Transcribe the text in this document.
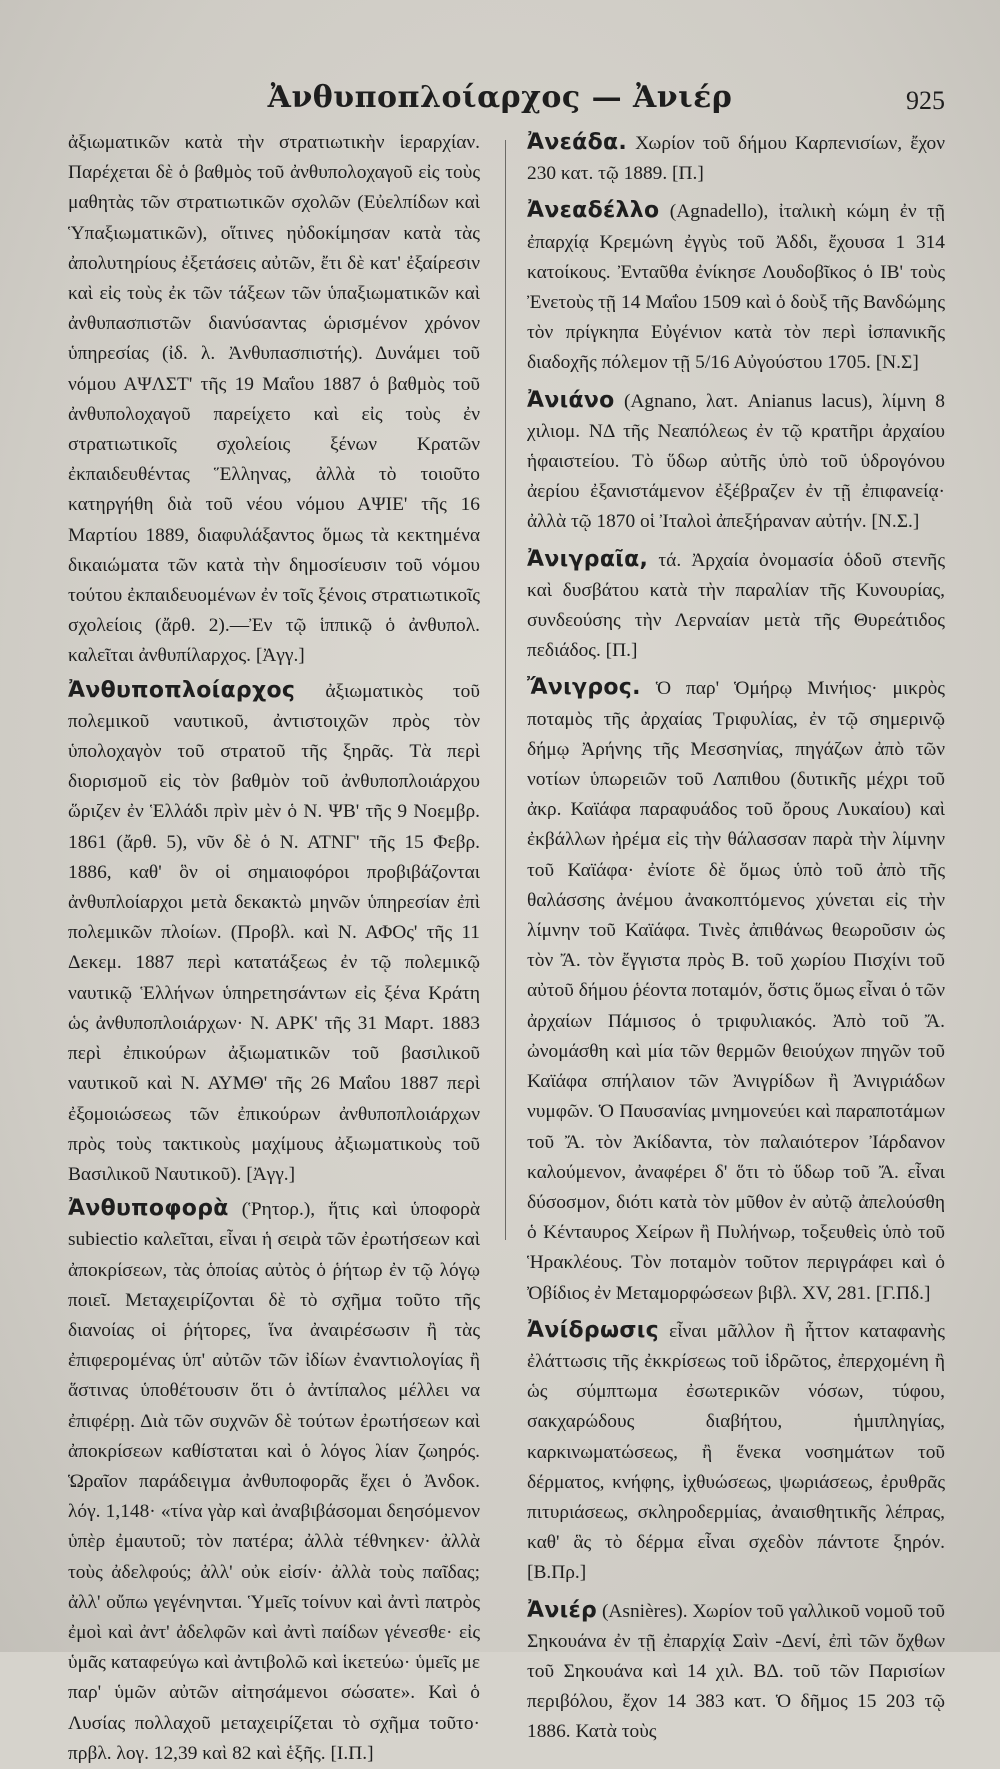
Ἀνθυποπλοίαρχος — Ἀνιέρ	925

ἀξιωματικῶν κατὰ τὴν στρατιωτικὴν ἱεραρχίαν. Παρέχεται δὲ ὁ βαθμὸς τοῦ ἀνθυπολοχαγοῦ εἰς τοὺς μαθητὰς τῶν στρατιωτικῶν σχολῶν (Εὐελπίδων καὶ Ὑπαξιωματικῶν), οἵτινες ηὐδοκίμησαν κατὰ τὰς ἀπολυτηρίους ἐξετάσεις αὐτῶν, ἔτι δὲ κατ' ἐξαίρεσιν καὶ εἰς τοὺς ἐκ τῶν τάξεων τῶν ὑπαξιωματικῶν καὶ ἀνθυπασπιστῶν διανύσαντας ὡρισμένον χρόνον ὑπηρεσίας (ἰδ. λ. Ἀνθυπασπιστής). Δυνάμει τοῦ νόμου ΑΨΛΣΤ' τῆς 19 Μαΐου 1887 ὁ βαθμὸς τοῦ ἀνθυπολοχαγοῦ παρείχετο καὶ εἰς τοὺς ἐν στρατιωτικοῖς σχολείοις ξένων Κρατῶν ἐκπαιδευθέντας Ἕλληνας, ἀλλὰ τὸ τοιοῦτο κατηργήθη διὰ τοῦ νέου νόμου ΑΨΙΕ' τῆς 16 Μαρτίου 1889, διαφυλάξαντος ὅμως τὰ κεκτημένα δικαιώματα τῶν κατὰ τὴν δημοσίευσιν τοῦ νόμου τούτου ἐκπαιδευομένων ἐν τοῖς ξένοις στρατιωτικοῖς σχολείοις (ἄρθ. 2).—Ἐν τῷ ἱππικῷ ὁ ἀνθυπολ. καλεῖται ἀνθυπίλαρχος. [Ἀγγ.]

Ἀνθυποπλοίαρχος ἀξιωματικὸς τοῦ πολεμικοῦ ναυτικοῦ, ἀντιστοιχῶν πρὸς τὸν ὑπολοχαγὸν τοῦ στρατοῦ τῆς ξηρᾶς. Τὰ περὶ διορισμοῦ εἰς τὸν βαθμὸν τοῦ ἀνθυποπλοιάρχου ὥριζεν ἐν Ἑλλάδι πρὶν μὲν ὁ Ν. ΨΒ' τῆς 9 Νοεμβρ. 1861 (ἄρθ. 5), νῦν δὲ ὁ Ν. ΑΤΝΓ' τῆς 15 Φεβρ. 1886, καθ' ὃν οἱ σημαιοφόροι προβιβάζονται ἀνθυπλοίαρχοι μετὰ δεκακτὼ μηνῶν ὑπηρεσίαν ἐπὶ πολεμικῶν πλοίων. (Προβλ. καὶ Ν. ΑΦΟς' τῆς 11 Δεκεμ. 1887 περὶ κατατάξεως ἐν τῷ πολεμικῷ ναυτικῷ Ἑλλήνων ὑπηρετησάντων εἰς ξένα Κράτη ὡς ἀνθυποπλοιάρχων· Ν. ΑΡΚ' τῆς 31 Μαρτ. 1883 περὶ ἐπικούρων ἀξιωματικῶν τοῦ βασιλικοῦ ναυτικοῦ καὶ Ν. ΑΥΜΘ' τῆς 26 Μαΐου 1887 περὶ ἐξομοιώσεως τῶν ἐπικούρων ἀνθυποπλοιάρχων πρὸς τοὺς τακτικοὺς μαχίμους ἀξιωματικοὺς τοῦ Βασιλικοῦ Ναυτικοῦ). [Ἀγγ.]

Ἀνθυποφορὰ (Ῥητορ.), ἥτις καὶ ὑποφορὰ subiectio καλεῖται, εἶναι ἡ σειρὰ τῶν ἐρωτήσεων καὶ ἀποκρίσεων, τὰς ὁποίας αὐτὸς ὁ ῥήτωρ ἐν τῷ λόγῳ ποιεῖ. Μεταχειρίζονται δὲ τὸ σχῆμα τοῦτο τῆς διανοίας οἱ ῥήτορες, ἵνα ἀναιρέσωσιν ἢ τὰς ἐπιφερομένας ὑπ' αὐτῶν τῶν ἰδίων ἐναντιολογίας ἢ ἅστινας ὑποθέτουσιν ὅτι ὁ ἀντίπαλος μέλλει να ἐπιφέρῃ. Διὰ τῶν συχνῶν δὲ τούτων ἐρωτήσεων καὶ ἀποκρίσεων καθίσταται καὶ ὁ λόγος λίαν ζωηρός. Ὡραῖον παράδειγμα ἀνθυποφορᾶς ἔχει ὁ Ἀνδοκ. λόγ. 1,148· «τίνα γὰρ καὶ ἀναβιβάσομαι δεησόμενον ὑπὲρ ἐμαυτοῦ; τὸν πατέρα; ἀλλὰ τέθνηκεν· ἀλλὰ τοὺς ἀδελφούς; ἀλλ' οὐκ εἰσίν· ἀλλὰ τοὺς παῖδας; ἀλλ' οὔπω γεγένηνται. Ὑμεῖς τοίνυν καὶ ἀντὶ πατρὸς ἐμοὶ καὶ ἀντ' ἀδελφῶν καὶ ἀντὶ παίδων γένεσθε· εἰς ὑμᾶς καταφεύγω καὶ ἀντιβολῶ καὶ ἱκετεύω· ὑμεῖς με παρ' ὑμῶν αὐτῶν αἰτησάμενοι σώσατε». Καὶ ὁ Λυσίας πολλαχοῦ μεταχειρίζεται τὸ σχῆμα τοῦτο· πρβλ. λογ. 12,39 καὶ 82 καὶ ἑξῆς. [Ι.Π.]

Ἀνεάδα. Χωρίον τοῦ δήμου Καρπενισίων, ἔχον 230 κατ. τῷ 1889. [Π.]

Ἀνεαδέλλο (Agnadello), ἰταλικὴ κώμη ἐν τῇ ἐπαρχίᾳ Κρεμώνη ἐγγὺς τοῦ Ἀδδι, ἔχουσα 1 314 κατοίκους. Ἐνταῦθα ἐνίκησε Λουδοβῖκος ὁ ΙΒ' τοὺς Ἐνετοὺς τῇ 14 Μαΐου 1509 καὶ ὁ δοὺξ τῆς Βανδώμης τὸν πρίγκηπα Εὐγένιον κατὰ τὸν περὶ ἰσπανικῆς διαδοχῆς πόλεμον τῇ 5/16 Αὐγούστου 1705. [Ν.Σ]

Ἀνιάνο (Agnano, λατ. Anianus lacus), λίμνη 8 χιλιομ. ΝΔ τῆς Νεαπόλεως ἐν τῷ κρατῆρι ἀρχαίου ἡφαιστείου. Τὸ ὕδωρ αὐτῆς ὑπὸ τοῦ ὑδρογόνου ἀερίου ἐξανιστάμενον ἐξέβραζεν ἐν τῇ ἐπιφανείᾳ· ἀλλὰ τῷ 1870 οἱ Ἰταλοὶ ἀπεξήραναν αὐτήν. [Ν.Σ.]

Ἀνιγραῖα, τά. Ἀρχαία ὀνομασία ὁδοῦ στενῆς καὶ δυσβάτου κατὰ τὴν παραλίαν τῆς Κυνουρίας, συνδεούσης τὴν Λερναίαν μετὰ τῆς Θυρεάτιδος πεδιάδος. [Π.]

Ἄνιγρος. Ὁ παρ' Ὁμήρῳ Μινήιος· μικρὸς ποταμὸς τῆς ἀρχαίας Τριφυλίας, ἐν τῷ σημερινῷ δήμῳ Ἀρήνης τῆς Μεσσηνίας, πηγάζων ἀπὸ τῶν νοτίων ὑπωρειῶν τοῦ Λαπιθου (δυτικῆς μέχρι τοῦ ἀκρ. Καϊάφα παραφυάδος τοῦ ὄρους Λυκαίου) καὶ ἐκβάλλων ἠρέμα εἰς τὴν θάλασσαν παρὰ τὴν λίμνην τοῦ Καϊάφα· ἐνίοτε δὲ ὅμως ὑπὸ τοῦ ἀπὸ τῆς θαλάσσης ἀνέμου ἀνακοπτόμενος χύνεται εἰς τὴν λίμνην τοῦ Καϊάφα. Τινὲς ἀπιθάνως θεωροῦσιν ὡς τὸν Ἄ. τὸν ἔγγιστα πρὸς Β. τοῦ χωρίου Πισχίνι τοῦ αὐτοῦ δήμου ῥέοντα ποταμόν, ὅστις ὅμως εἶναι ὁ τῶν ἀρχαίων Πάμισος ὁ τριφυλιακός. Ἀπὸ τοῦ Ἄ. ὠνομάσθη καὶ μία τῶν θερμῶν θειούχων πηγῶν τοῦ Καϊάφα σπήλαιον τῶν Ἀνιγρίδων ἢ Ἀνιγριάδων νυμφῶν. Ὁ Παυσανίας μνημονεύει καὶ παραποτάμων τοῦ Ἄ. τὸν Ἀκίδαντα, τὸν παλαιότερον Ἰάρδανον καλούμενον, ἀναφέρει δ' ὅτι τὸ ὕδωρ τοῦ Ἄ. εἶναι δύσοσμον, διότι κατὰ τὸν μῦθον ἐν αὐτῷ ἀπελούσθη ὁ Κένταυρος Χείρων ἢ Πυλήνωρ, τοξευθεὶς ὑπὸ τοῦ Ἡρακλέους. Τὸν ποταμὸν τοῦτον περιγράφει καὶ ὁ Ὀβίδιος ἐν Μεταμορφώσεων βιβλ. XV, 281. [Γ.Πδ.]

Ἀνίδρωσις εἶναι μᾶλλον ἢ ἧττον καταφανὴς ἐλάττωσις τῆς ἐκκρίσεως τοῦ ἱδρῶτος, ἐπερχομένη ἢ ὡς σύμπτωμα ἐσωτερικῶν νόσων, τύφου, σακχαρώδους διαβήτου, ἡμιπληγίας, καρκινωματώσεως, ἢ ἕνεκα νοσημάτων τοῦ δέρματος, κνήφης, ἰχθυώσεως, ψωριάσεως, ἐρυθρᾶς πιτυριάσεως, σκληροδερμίας, ἀναισθητικῆς λέπρας, καθ' ἃς τὸ δέρμα εἶναι σχεδὸν πάντοτε ξηρόν. [Β.Πρ.]

Ἀνιέρ (Asnières). Χωρίον τοῦ γαλλικοῦ νομοῦ τοῦ Σηκουάνα ἐν τῇ ἐπαρχίᾳ Σαὶν -Δενί, ἐπὶ τῶν ὄχθων τοῦ Σηκουάνα καὶ 14 χιλ. ΒΔ. τοῦ τῶν Παρισίων περιβόλου, ἔχον 14 383 κατ. Ὁ δῆμος 15 203 τῷ 1886. Κατὰ τοὺς
